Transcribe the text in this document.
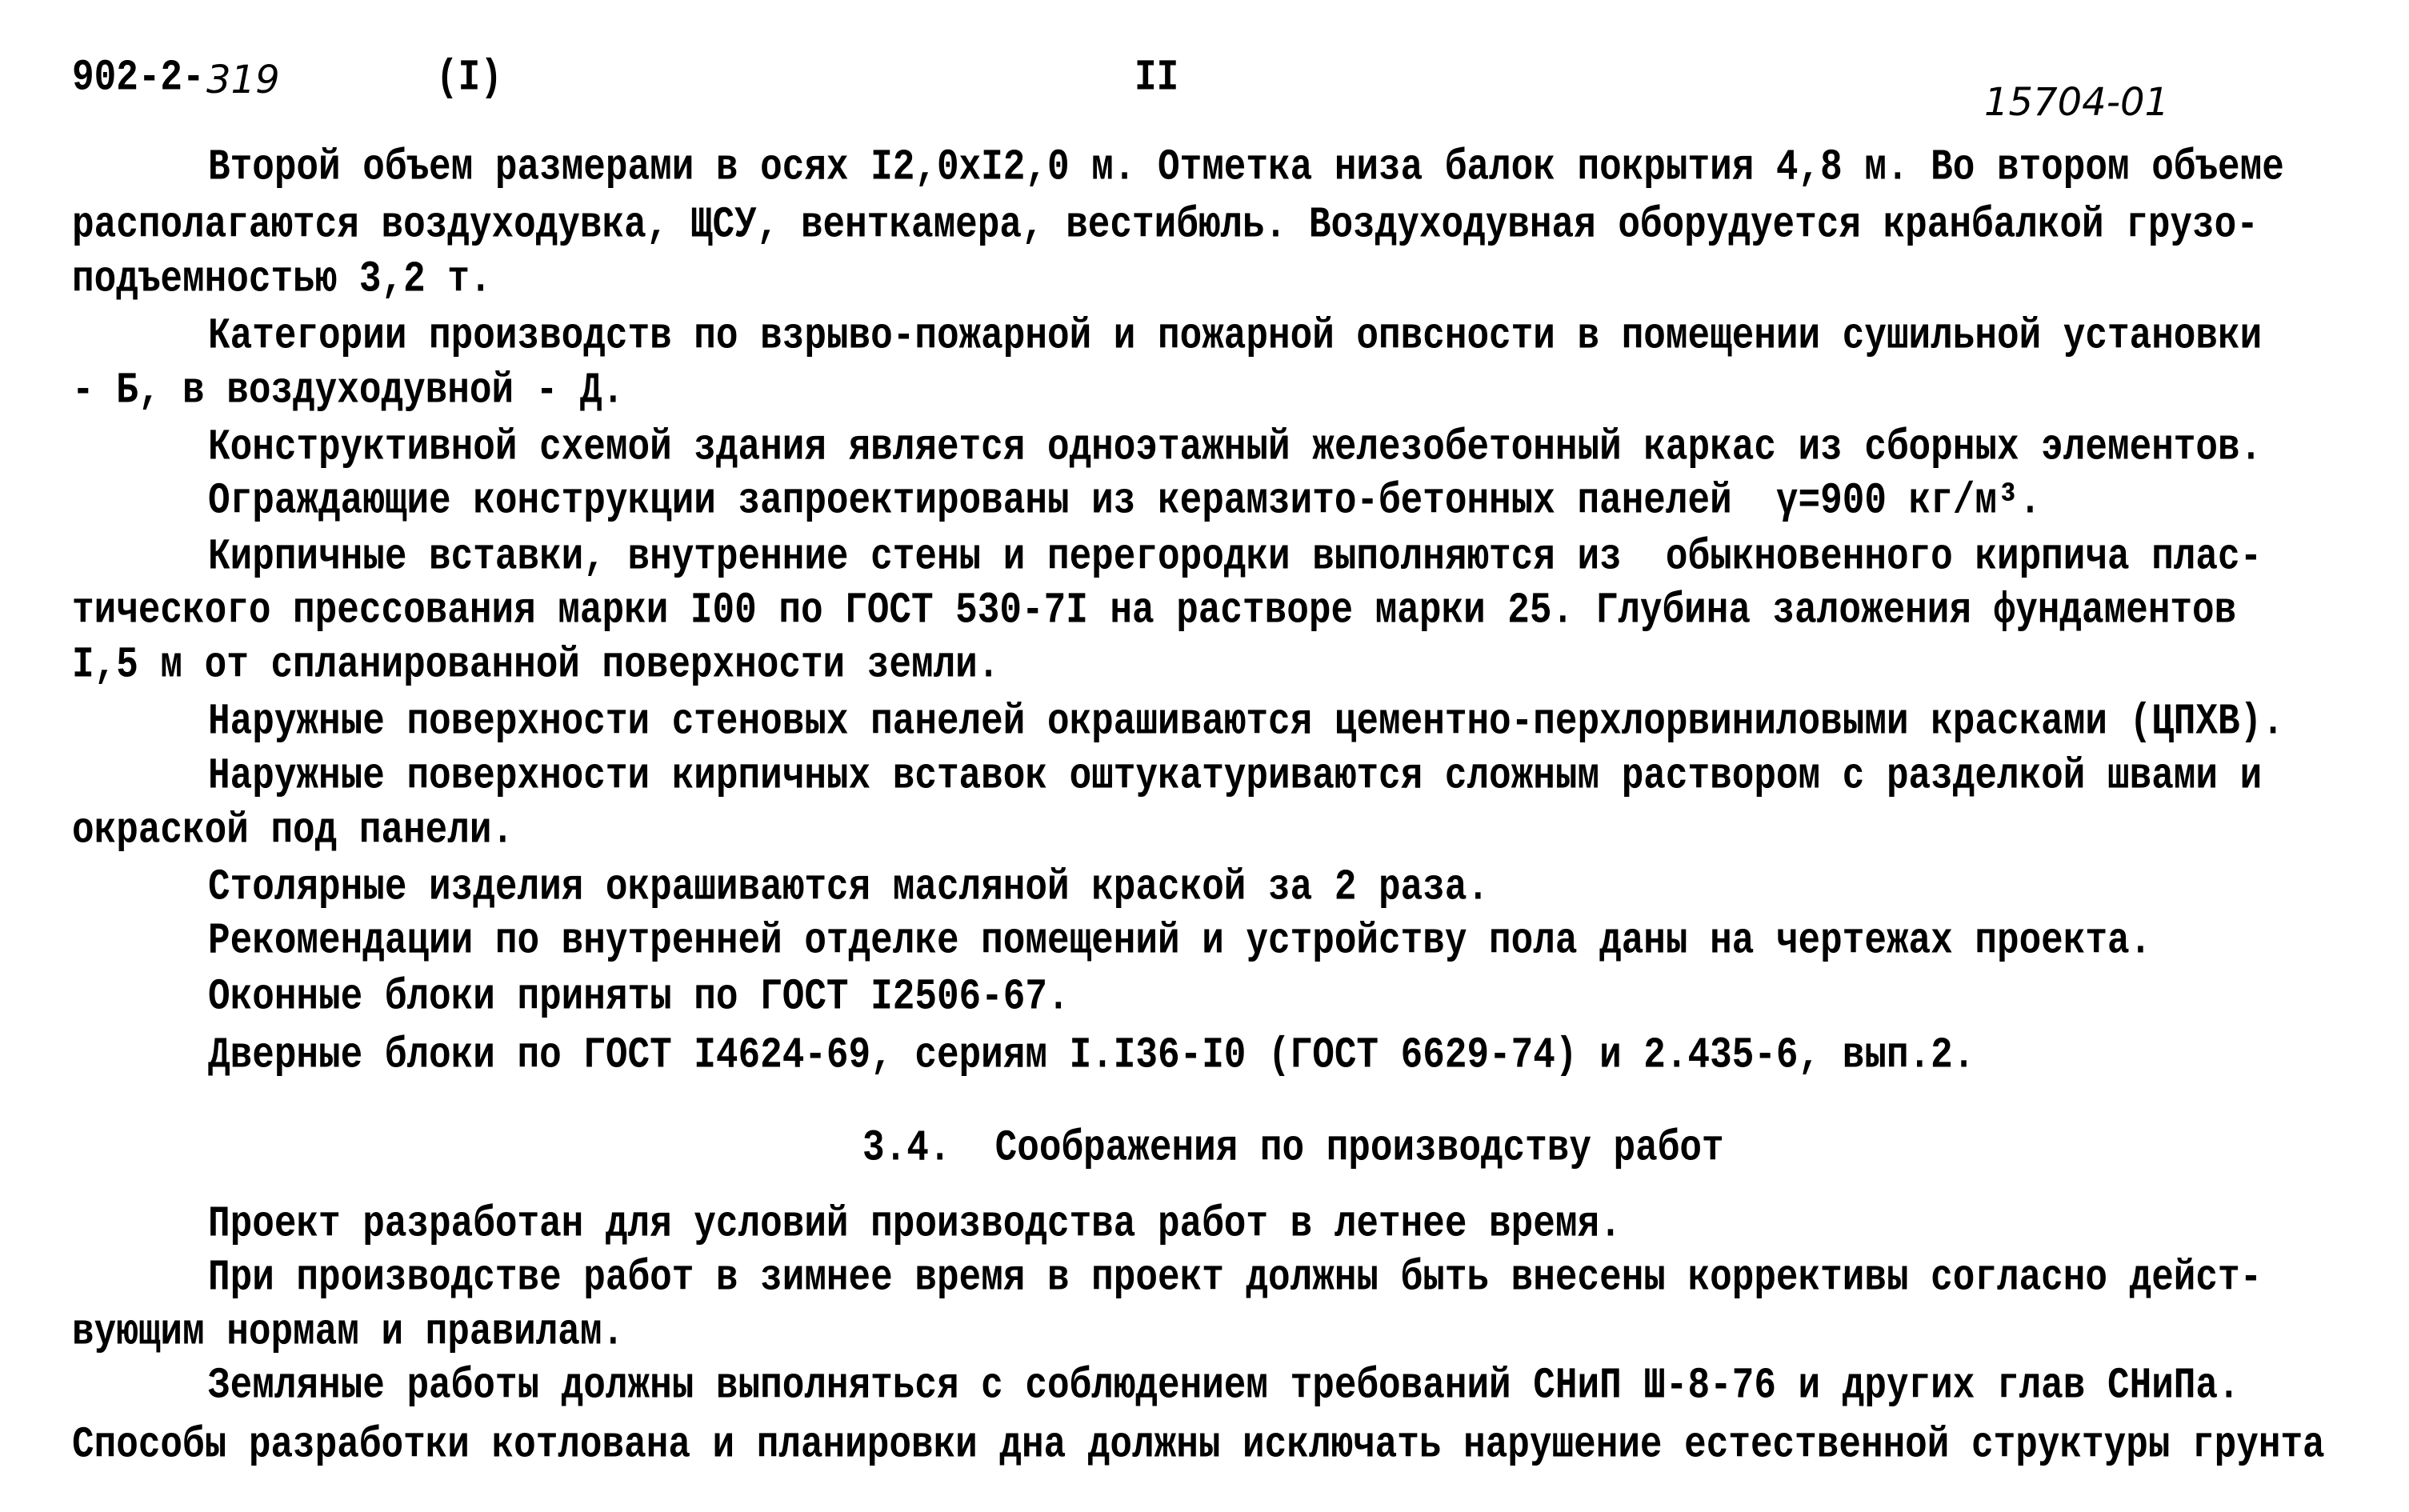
902-2- 319	(I)	II
15704-01
Второй объем размерами в осях I2,0хI2,0 м. Отметка низа балок покрытия 4,8 м. Во втором объеме
располагаются воздуходувка, ЩСУ, венткамера, вестибюль. Воздуходувная оборудуется кранбалкой грузо-
подъемностью 3,2 т.
Категории производств по взрыво-пожарной и пожарной опвсности в помещении сушильной установки
- Б, в воздуходувной - Д.
Конструктивной схемой здания является одноэтажный железобетонный каркас из сборных элементов.
Ограждающие конструкции запроектированы из керамзито-бетонных панелей  γ=900 кг/м³.
Кирпичные вставки, внутренние стены и перегородки выполняются из  обыкновенного кирпича плас-
тического прессования марки I00 по ГОСТ 530-7I на растворе марки 25. Глубина заложения фундаментов
I,5 м от спланированной поверхности земли.
Наружные поверхности стеновых панелей окрашиваются цементно-перхлорвиниловыми красками (ЦПХВ).
Наружные поверхности кирпичных вставок оштукатуриваются сложным раствором с разделкой швами и
окраской под панели.
Столярные изделия окрашиваются масляной краской за 2 раза.
Рекомендации по внутренней отделке помещений и устройству пола даны на чертежах проекта.
Оконные блоки приняты по ГОСТ I2506-67.
Дверные блоки по ГОСТ I4624-69, сериям I.I36-I0 (ГОСТ 6629-74) и 2.435-6, вып.2.
3.4.  Соображения по производству работ
Проект разработан для условий производства работ в летнее время.
При производстве работ в зимнее время в проект должны быть внесены коррективы согласно дейст-
вующим нормам и правилам.
Земляные работы должны выполняться с соблюдением требований СНиП Ш-8-76 и других глав СНиПа.
Способы разработки котлована и планировки дна должны исключать нарушение естественной структуры грунта
